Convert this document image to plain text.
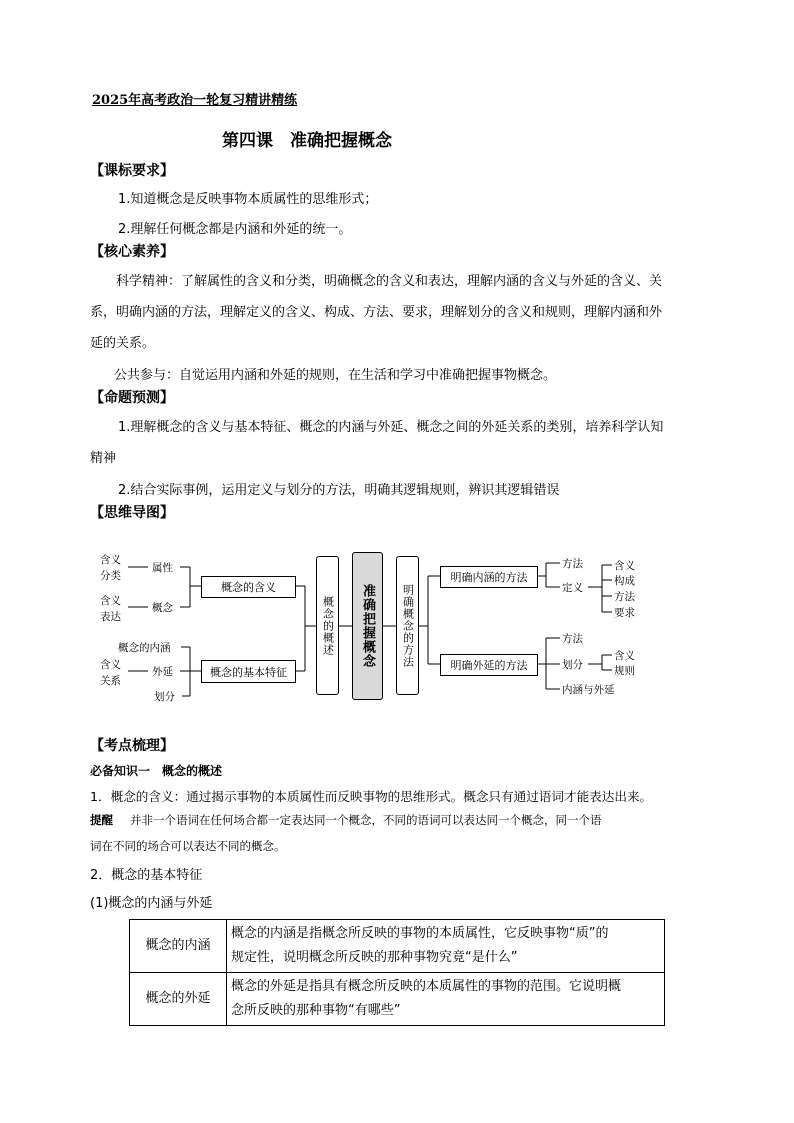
2025年高考政治一轮复习精讲精练
第四课　准确把握概念
【课标要求】
1.知道概念是反映事物本质属性的思维形式；
2.理解任何概念都是内涵和外延的统一。
【核心素养】
科学精神：了解属性的含义和分类，明确概念的含义和表达，理解内涵的含义与外延的含义、关
系，明确内涵的方法，理解定义的含义、构成、方法、要求，理解划分的含义和规则，理解内涵和外
延的关系。
公共参与：自觉运用内涵和外延的规则，在生活和学习中准确把握事物概念。
【命题预测】
1.理解概念的含义与基本特征、概念的内涵与外延、概念之间的外延关系的类别，培养科学认知
精神
2.结合实际事例，运用定义与划分的方法，明确其逻辑规则，辨识其逻辑错误
【思维导图】
含义
分类
属性
含义
表达
概念
概念的含义
概念的内涵
含义
关系
外延
划分
概念的基本特征
概念的概述 准确把握概念 明确概念的方法
明确内涵的方法
明确外延的方法
方法
定义
含义
构成
方法
要求
方法
划分
含义
规则
内涵与外延
【考点梳理】
必备知识一　概念的概述
1．概念的含义：通过揭示事物的本质属性而反映事物的思维形式。概念只有通过语词才能表达出来。
提醒 并非一个语词在任何场合都一定表达同一个概念，不同的语词可以表达同一个概念，同一个语
词在不同的场合可以表达不同的概念。
2．概念的基本特征
(1)概念的内涵与外延
概念的内涵	概念的内涵是指概念所反映的事物的本质属性，它反映事物“质”的
规定性，说明概念所反映的那种事物究竟“是什么”

概念的外延	概念的外延是指具有概念所反映的本质属性的事物的范围。它说明概
念所反映的那种事物“有哪些”
